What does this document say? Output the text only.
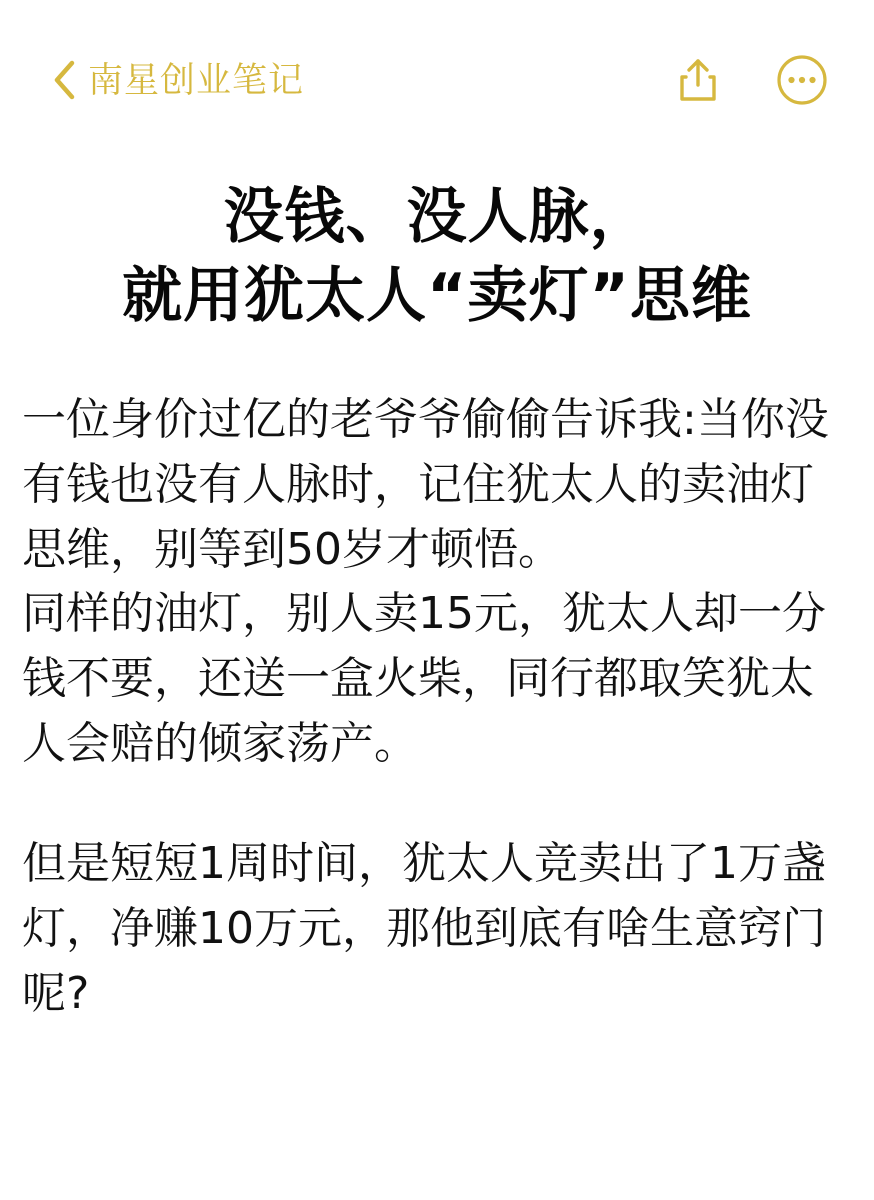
南星创业笔记
没钱、没人脉，
就用犹太人“卖灯”思维

一位身价过亿的老爷爷偷偷告诉我:当你没有钱也没有人脉时，记住犹太人的卖油灯思维，别等到50岁才顿悟。

同样的油灯，别人卖15元，犹太人却一分钱不要，还送一盒火柴，同行都取笑犹太人会赔的倾家荡产。

但是短短1周时间，犹太人竞卖出了1万盏灯，净赚10万元，那他到底有啥生意窍门呢?
